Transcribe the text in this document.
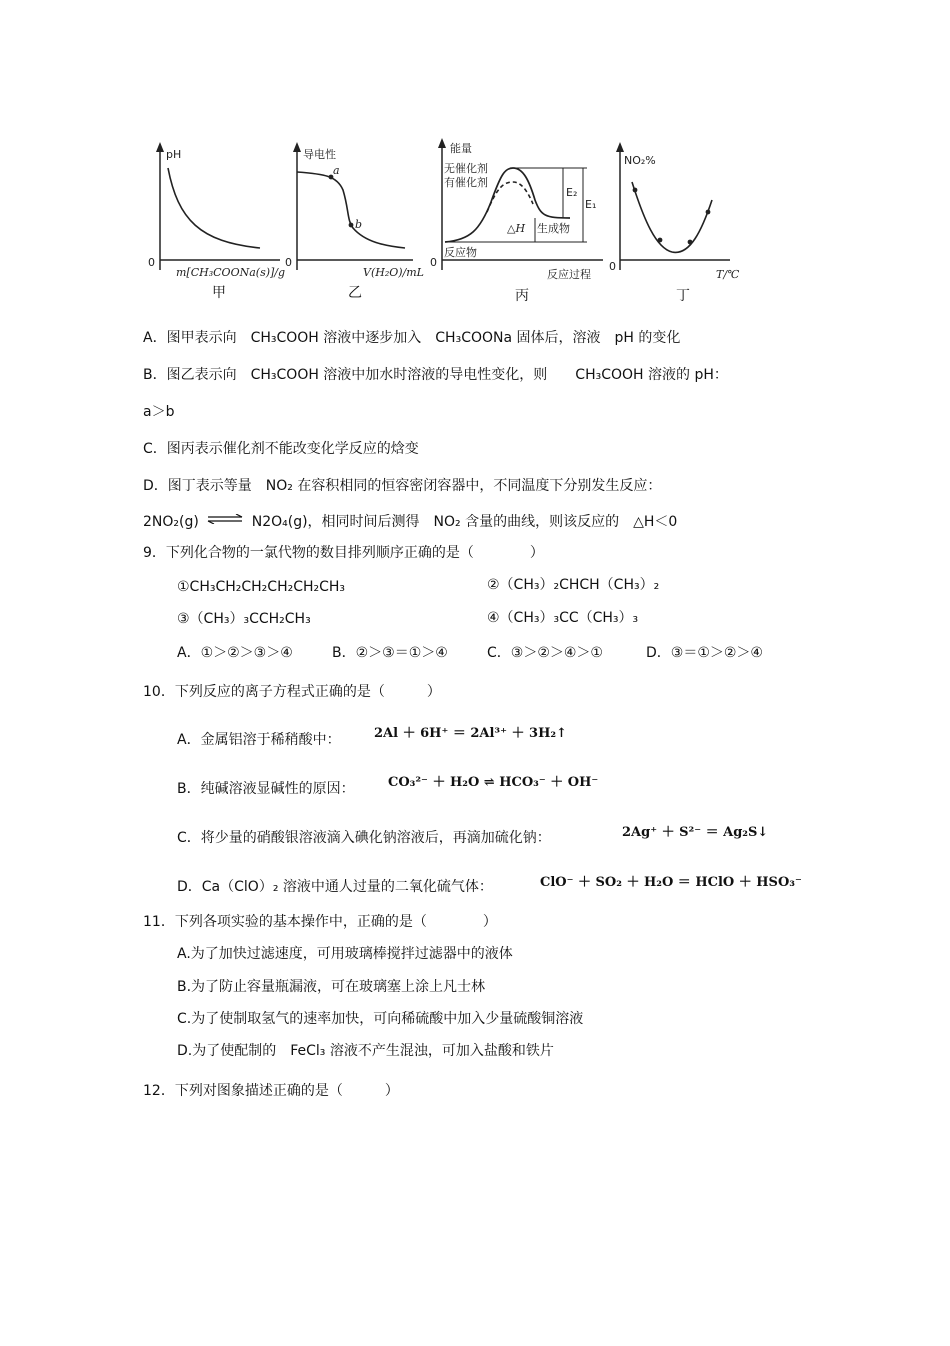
pH
0
m[CH₃COONa(s)]/g
甲
导电性
a
b
0
V(H₂O)/mL
乙
能量
无催化剂
有催化剂
E₂
E₁
△H 生成物
反应物
0
反应过程
丙
NO₂%
0
T/℃
丁
A．图甲表示向　CH₃COOH 溶液中逐步加入　CH₃COONa 固体后，溶液　pH 的变化
B．图乙表示向　CH₃COOH 溶液中加水时溶液的导电性变化，则　　CH₃COOH 溶液的 pH：
a＞b
C．图丙表示催化剂不能改变化学反应的焓变
D．图丁表示等量　NO₂ 在容积相同的恒容密闭容器中，不同温度下分别发生反应：
2NO₂(g) ⇌ N2O₄(g)，相同时间后测得　NO₂ 含量的曲线，则该反应的　△H＜0
9．下列化合物的一氯代物的数目排列顺序正确的是（　　　　）
①CH₃CH₂CH₂CH₂CH₂CH₃	②（CH₃）₂CHCH（CH₃）₂
③（CH₃）₃CCH₂CH₃	④（CH₃）₃CC（CH₃）₃
A．①＞②＞③＞④	B．②＞③＝①＞④	C．③＞②＞④＞①	D．③＝①＞②＞④
10．下列反应的离子方程式正确的是（　　　）
A．金属铝溶于稀稍酸中：	2Al ＋ 6H⁺ ＝ 2Al³⁺ ＋ 3H₂↑
B．纯碱溶液显碱性的原因：	CO₃²⁻ ＋ H₂O ⇌ HCO₃⁻ ＋ OH⁻
C．将少量的硝酸银溶液滴入碘化钠溶液后，再滴加硫化钠：	2Ag⁺ ＋ S²⁻ ＝ Ag₂S↓
D．Ca（ClO）₂ 溶液中通人过量的二氧化硫气体：	ClO⁻ ＋ SO₂ ＋ H₂O ＝ HClO ＋ HSO₃⁻
11．下列各项实验的基本操作中，正确的是（　　　　）
A.为了加快过滤速度，可用玻璃棒搅拌过滤器中的液体
B.为了防止容量瓶漏液，可在玻璃塞上涂上凡士林
C.为了使制取氢气的速率加快，可向稀硫酸中加入少量硫酸铜溶液
D.为了使配制的　FeCl₃ 溶液不产生混浊，可加入盐酸和铁片
12．下列对图象描述正确的是（　　　）
